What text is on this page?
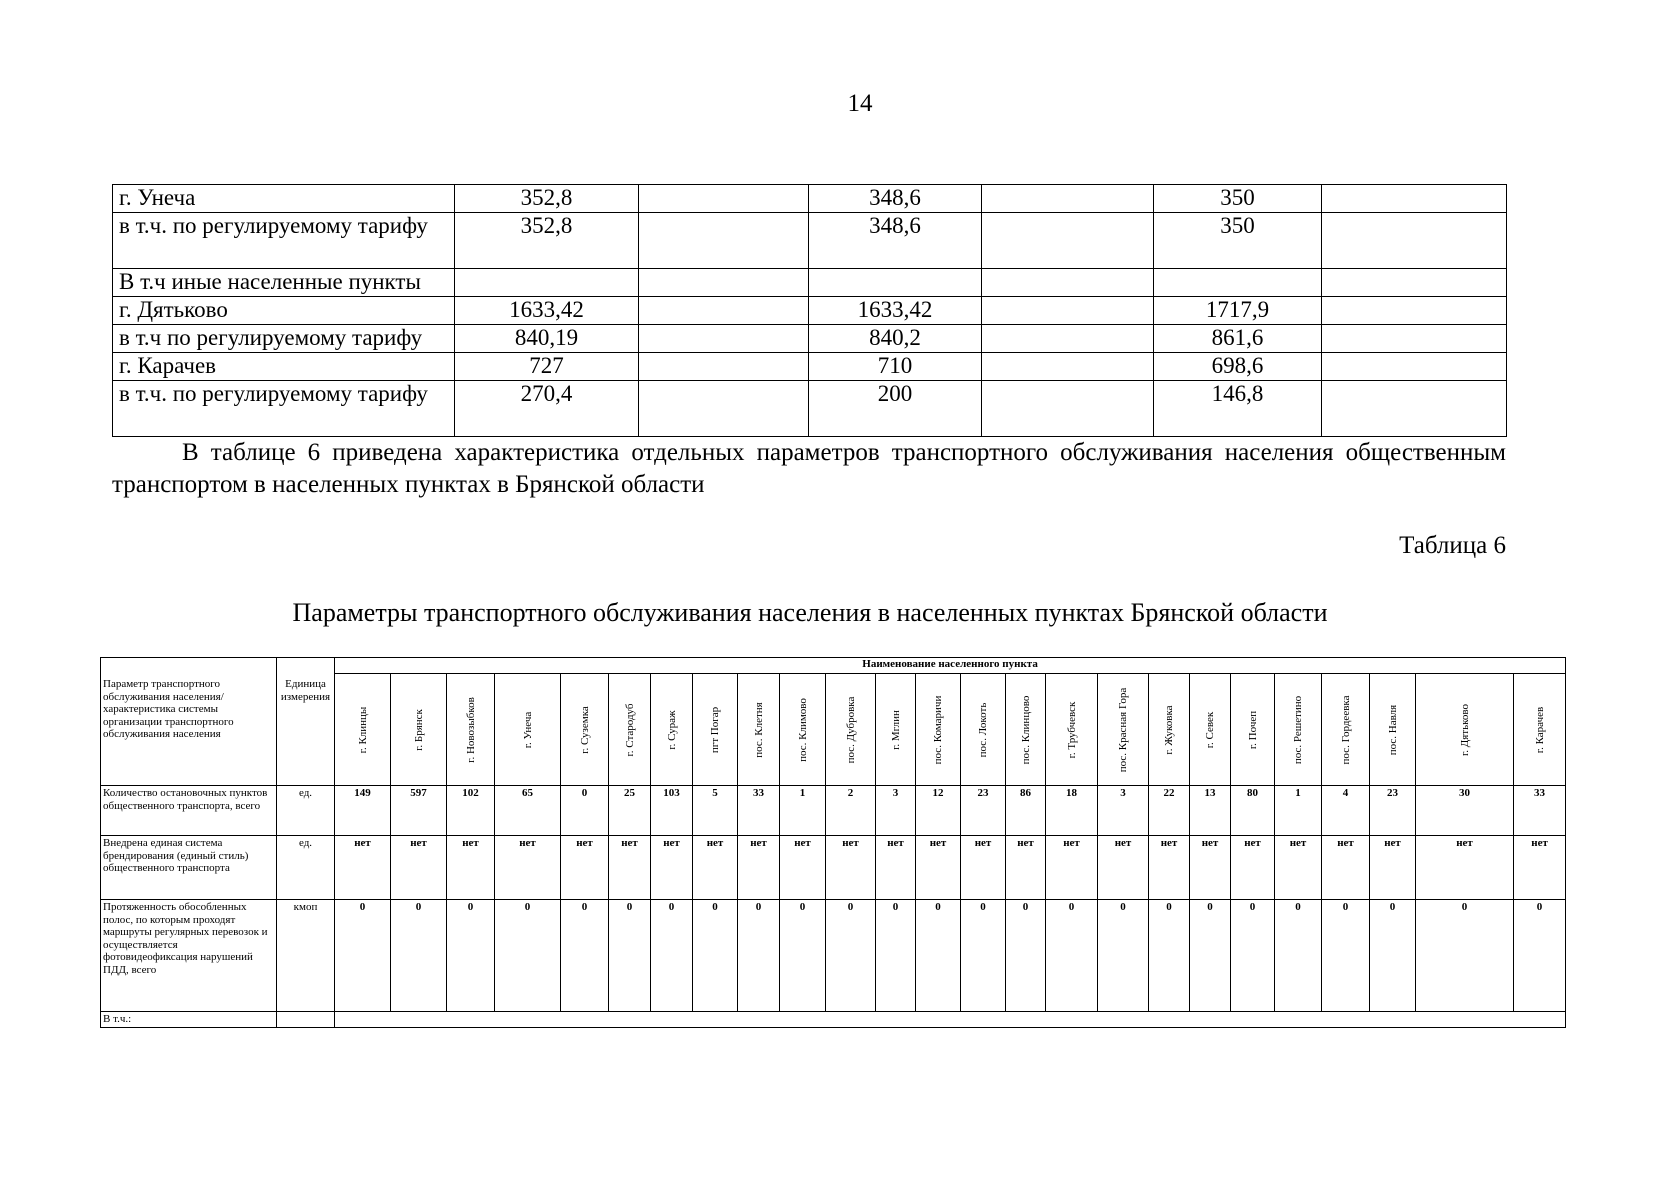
14
г. Унеча	352,8		348,6		350	
в т.ч. по регулируемому тарифу	352,8		348,6		350	
В т.ч иные населенные пункты						
г. Дятьково	1633,42		1633,42		1717,9	
в т.ч по регулируемому тарифу	840,19		840,2		861,6	
г. Карачев	727		710		698,6	
в т.ч. по регулируемому тарифу	270,4		200		146,8	
В таблице 6 приведена характеристика отдельных параметров транспортного обслуживания населения общественным транспортом в населенных пунктах в Брянской области
Таблица 6
Параметры транспортного обслуживания населения в населенных пунктах Брянской области
Параметр транспортного обслуживания населения/характеристика системы организации транспортного обслуживания населения	Единица измерения	Наименование населенного пункта																								

		г. Клинцы	г. Брянск	г. Новозыбков	г. Унеча	г. Суземка	г. Стародуб	г. Сураж	пгт Погар	пос. Клетня	пос. Климово	пос. Дубровка	г. Мглин	пос. Комаричи	пос. Локоть	пос. Клинцово	г. Трубчевск	пос. Красная Гора	г. Жуковка	г. Севек	г. Почеп	пос. Решетино	пос. Гордеевка	пос. Навля	г. Дятьково	г. Карачев

Количество остановочных пунктов общественного транспорта, всего	ед.	149	597	102	65	0	25	103	5	33	1	2	3	12	23	86	18	3	22	13	80	1	4	23	30	33
Внедрена единая система брендирования (единый стиль) общественного транспорта	ед.	нет	нет	нет	нет	нет	нет	нет	нет	нет	нет	нет	нет	нет	нет	нет	нет	нет	нет	нет	нет	нет	нет	нет	нет	нет
Протяженность обособленных полос, по которым проходят маршруты регулярных перевозок и осуществляется фотовидеофиксация нарушений ПДД, всего	кмоп	0	0	0	0	0	0	0	0	0	0	0	0	0	0	0	0	0	0	0	0	0	0	0	0	0
В т.ч.:																										
